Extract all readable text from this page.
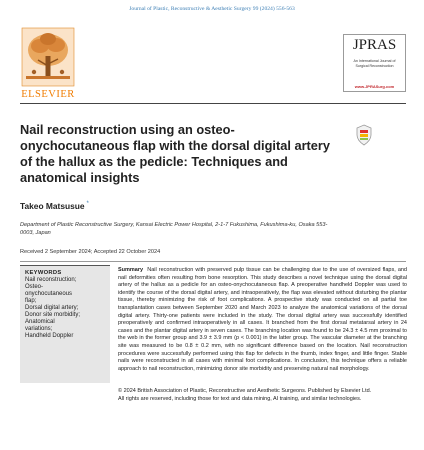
Journal of Plastic, Reconstructive & Aesthetic Surgery 99 (2024) 556-563
ELSEVIER
JPRAS
An International Journal of
Surgical Reconstruction
www.JPRASurg.com
Nail reconstruction using an osteo-onychocutaneous flap with the dorsal digital artery of the hallux as the pedicle: Techniques and anatomical insights
Takeo Matsusue *
Department of Plastic Reconstructive Surgery, Kansai Electric Power Hospital, 2-1-7 Fukushima, Fukushima-ku, Osaka 553-0003, Japan
Received 2 September 2024; Accepted 22 October 2024
KEYWORDS
Nail reconstruction;
Osteo-
onychocutaneous
flap;
Dorsal digital artery;
Donor site morbidity;
Anatomical
variations;
Handheld Doppler

Summary Nail reconstruction with preserved pulp tissue can be challenging due to the use of oversized flaps, and nail deformities often resulting from bone resorption. This study describes a novel technique using the dorsal digital artery of the hallux as a pedicle for an osteo-onychocutaneous flap. A preoperative handheld Doppler was used to identify the course of the dorsal digital artery, and intraoperatively, the flap was elevated without disturbing the plantar tissue, thereby minimizing the risk of foot complications. A prospective study was conducted on all partial toe transplantation cases between September 2020 and March 2023 to analyze the anatomical variations of the dorsal digital artery. Thirty-one patients were included in the study. The dorsal digital artery was successfully identified preoperatively and confirmed intraoperatively in all cases. It branched from the first dorsal metatarsal artery in 24 cases and the plantar digital artery in seven cases. The branching location was found to be 24.3 ± 4.5 mm proximal to the web in the former group and 3.9 ± 3.9 mm (p < 0.001) in the latter group. The vascular diameter at the branching site was measured to be 0.8 ± 0.2 mm, with no significant difference based on the location. Nail reconstruction procedures were successfully performed using this flap for defects in the thumb, index finger, and little finger. Stable nails were reconstructed in all cases with minimal foot complications. In conclusion, this technique offers a reliable approach to nail reconstruction, minimizing donor site morbidity and preserving natural nail morphology.

© 2024 British Association of Plastic, Reconstructive and Aesthetic Surgeons. Published by Elsevier Ltd.
All rights are reserved, including those for text and data mining, AI training, and similar technologies.
